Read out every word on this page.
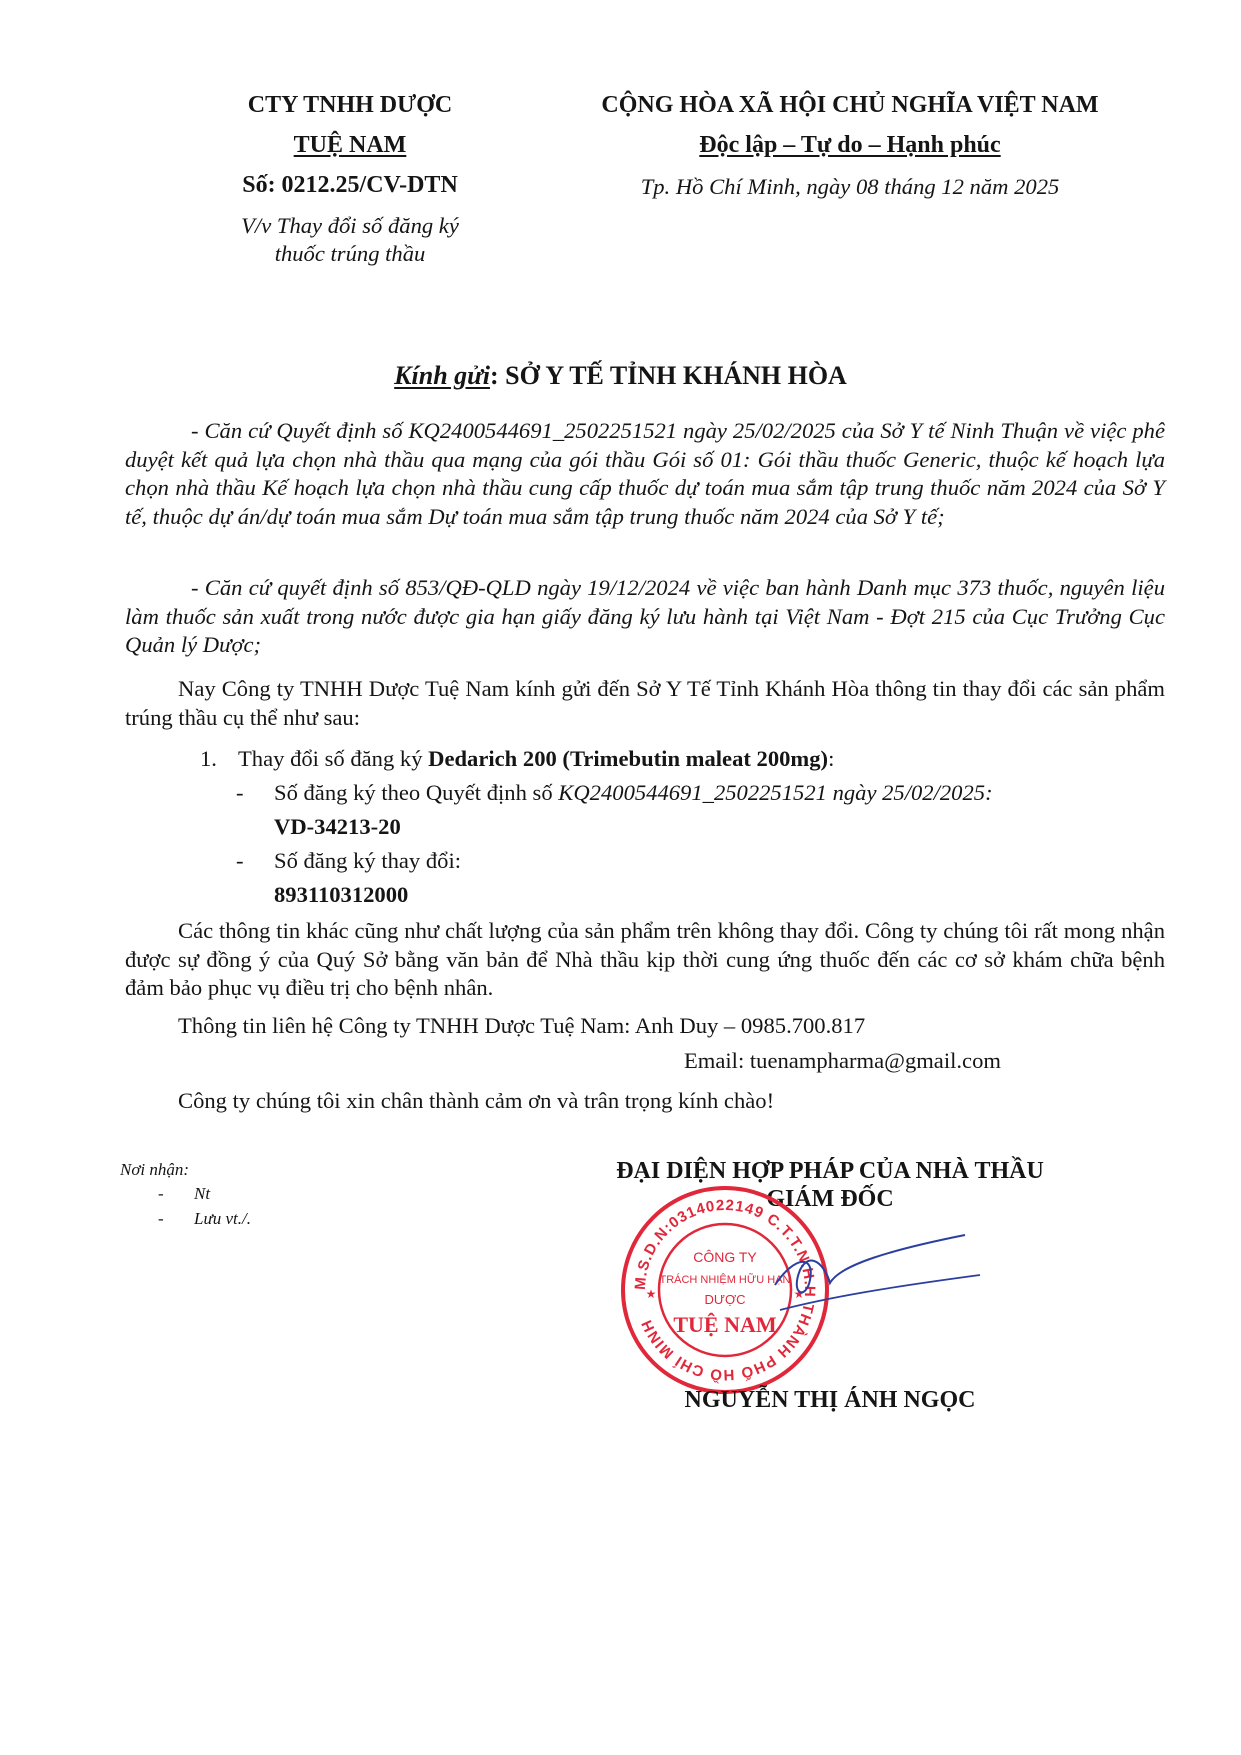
CTY TNHH DƯỢC
TUỆ NAM
Số: 0212.25/CV-DTN
V/v Thay đổi số đăng ký
thuốc trúng thầu
CỘNG HÒA XÃ HỘI CHỦ NGHĨA VIỆT NAM
Độc lập – Tự do – Hạnh phúc
Tp. Hồ Chí Minh, ngày 08 tháng 12 năm 2025
Kính gửi: SỞ Y TẾ TỈNH KHÁNH HÒA
- Căn cứ Quyết định số KQ2400544691_2502251521 ngày 25/02/2025 của Sở Y tế Ninh Thuận về việc phê duyệt kết quả lựa chọn nhà thầu qua mạng của gói thầu Gói số 01: Gói thầu thuốc Generic, thuộc kế hoạch lựa chọn nhà thầu Kế hoạch lựa chọn nhà thầu cung cấp thuốc dự toán mua sắm tập trung thuốc năm 2024 của Sở Y tế, thuộc dự án/dự toán mua sắm Dự toán mua sắm tập trung thuốc năm 2024 của Sở Y tế;
- Căn cứ quyết định số 853/QĐ-QLD ngày 19/12/2024 về việc ban hành Danh mục 373 thuốc, nguyên liệu làm thuốc sản xuất trong nước được gia hạn giấy đăng ký lưu hành tại Việt Nam - Đợt 215 của Cục Trưởng Cục Quản lý Dược;
Nay Công ty TNHH Dược Tuệ Nam kính gửi đến Sở Y Tế Tỉnh Khánh Hòa thông tin thay đổi các sản phẩm trúng thầu cụ thể như sau:
1. Thay đổi số đăng ký Dedarich 200 (Trimebutin maleat 200mg):
- Số đăng ký theo Quyết định số KQ2400544691_2502251521 ngày 25/02/2025:
VD-34213-20
- Số đăng ký thay đổi:
893110312000
Các thông tin khác cũng như chất lượng của sản phẩm trên không thay đổi. Công ty chúng tôi rất mong nhận được sự đồng ý của Quý Sở bằng văn bản để Nhà thầu kịp thời cung ứng thuốc đến các cơ sở khám chữa bệnh đảm bảo phục vụ điều trị cho bệnh nhân.
Thông tin liên hệ Công ty TNHH Dược Tuệ Nam: Anh Duy – 0985.700.817
Email: tuenampharma@gmail.com
Công ty chúng tôi xin chân thành cảm ơn và trân trọng kính chào!
Nơi nhận:
- Nt
- Lưu vt./.
ĐẠI DIỆN HỢP PHÁP CỦA NHÀ THẦU
GIÁM ĐỐC
M.S.D.N:0314022149 C.T.T.N.H.H THÀNH PHỐ HỒ CHÍ MINH
CÔNG TY
TRÁCH NHIỆM HỮU HẠN
DƯỢC
TUỆ NAM
★	★
NGUYỄN THỊ ÁNH NGỌC
